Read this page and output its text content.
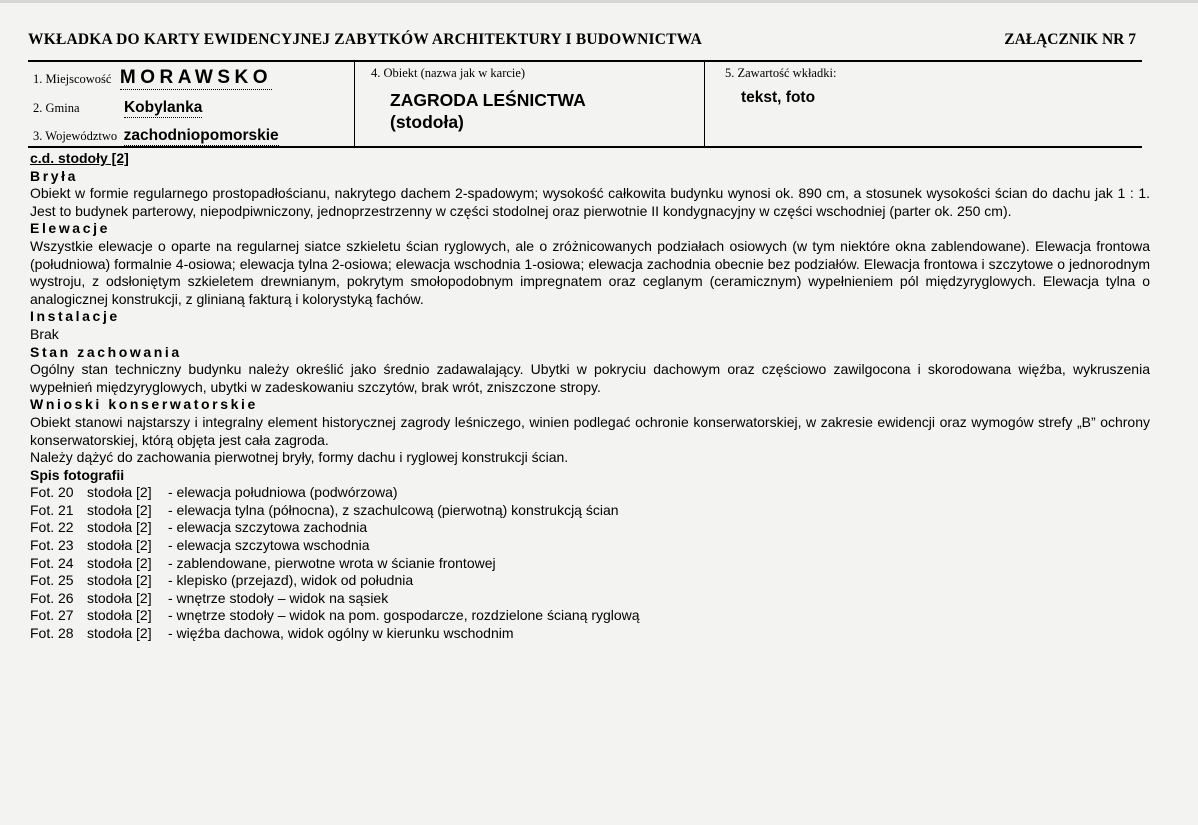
WKŁADKA DO KARTY EWIDENCYJNEJ ZABYTKÓW ARCHITEKTURY I BUDOWNICTWA	ZAŁĄCZNIK NR 7
1. Miejscowość MORAWSKO
2. Gmina	Kobylanka
3. Województwo zachodniopomorskie
4. Obiekt (nazwa jak w karcie)
ZAGRODA LEŚNICTWA
(stodoła)
5. Zawartość wkładki:
tekst, foto
c.d. stodoły [2]
Bryła

Obiekt w formie regularnego prostopadłościanu, nakrytego dachem 2-spadowym; wysokość całkowita budynku wynosi ok. 890 cm, a stosunek wysokości ścian do dachu jak 1 : 1. Jest to budynek parterowy, niepodpiwniczony, jednoprzestrzenny w części stodolnej oraz pierwotnie II kondygnacyjny w części wschodniej (parter ok. 250 cm).

Elewacje

Wszystkie elewacje o oparte na regularnej siatce szkieletu ścian ryglowych, ale o zróżnicowanych podziałach osiowych (w tym niektóre okna zablendowane). Elewacja frontowa (południowa) formalnie 4-osiowa; elewacja tylna 2-osiowa; elewacja wschodnia 1-osiowa; elewacja zachodnia obecnie bez podziałów. Elewacja frontowa i szczytowe o jednorodnym wystroju, z odsłoniętym szkieletem drewnianym, pokrytym smołopodobnym impregnatem oraz ceglanym (ceramicznym) wypełnieniem pól międzyryglowych. Elewacja tylna o analogicznej konstrukcji, z glinianą fakturą i kolorystyką fachów.

Instalacje

Brak

Stan zachowania

Ogólny stan techniczny budynku należy określić jako średnio zadawalający. Ubytki w pokryciu dachowym oraz częściowo zawilgocona i skorodowana więźba, wykruszenia wypełnień międzyryglowych, ubytki w zadeskowaniu szczytów, brak wrót, zniszczone stropy.

Wnioski konserwatorskie

Obiekt stanowi najstarszy i integralny element historycznej zagrody leśniczego, winien podlegać ochronie konserwatorskiej, w zakresie ewidencji oraz wymogów strefy „B” ochrony konserwatorskiej, którą objęta jest cała zagroda.

Należy dążyć do zachowania pierwotnej bryły, formy dachu i ryglowej konstrukcji ścian.

Spis fotografii
Fot. 20 stodoła [2]	- elewacja południowa (podwórzowa)
Fot. 21 stodoła [2]	- elewacja tylna (północna), z szachulcową (pierwotną) konstrukcją ścian
Fot. 22 stodoła [2]	- elewacja szczytowa zachodnia
Fot. 23 stodoła [2]	- elewacja szczytowa wschodnia
Fot. 24 stodoła [2]	- zablendowane, pierwotne wrota w ścianie frontowej
Fot. 25 stodoła [2]	- klepisko (przejazd), widok od południa
Fot. 26 stodoła [2]	- wnętrze stodoły – widok na sąsiek
Fot. 27 stodoła [2]	- wnętrze stodoły – widok na pom. gospodarcze, rozdzielone ścianą ryglową
Fot. 28 stodoła [2]	- więźba dachowa, widok ogólny w kierunku wschodnim
